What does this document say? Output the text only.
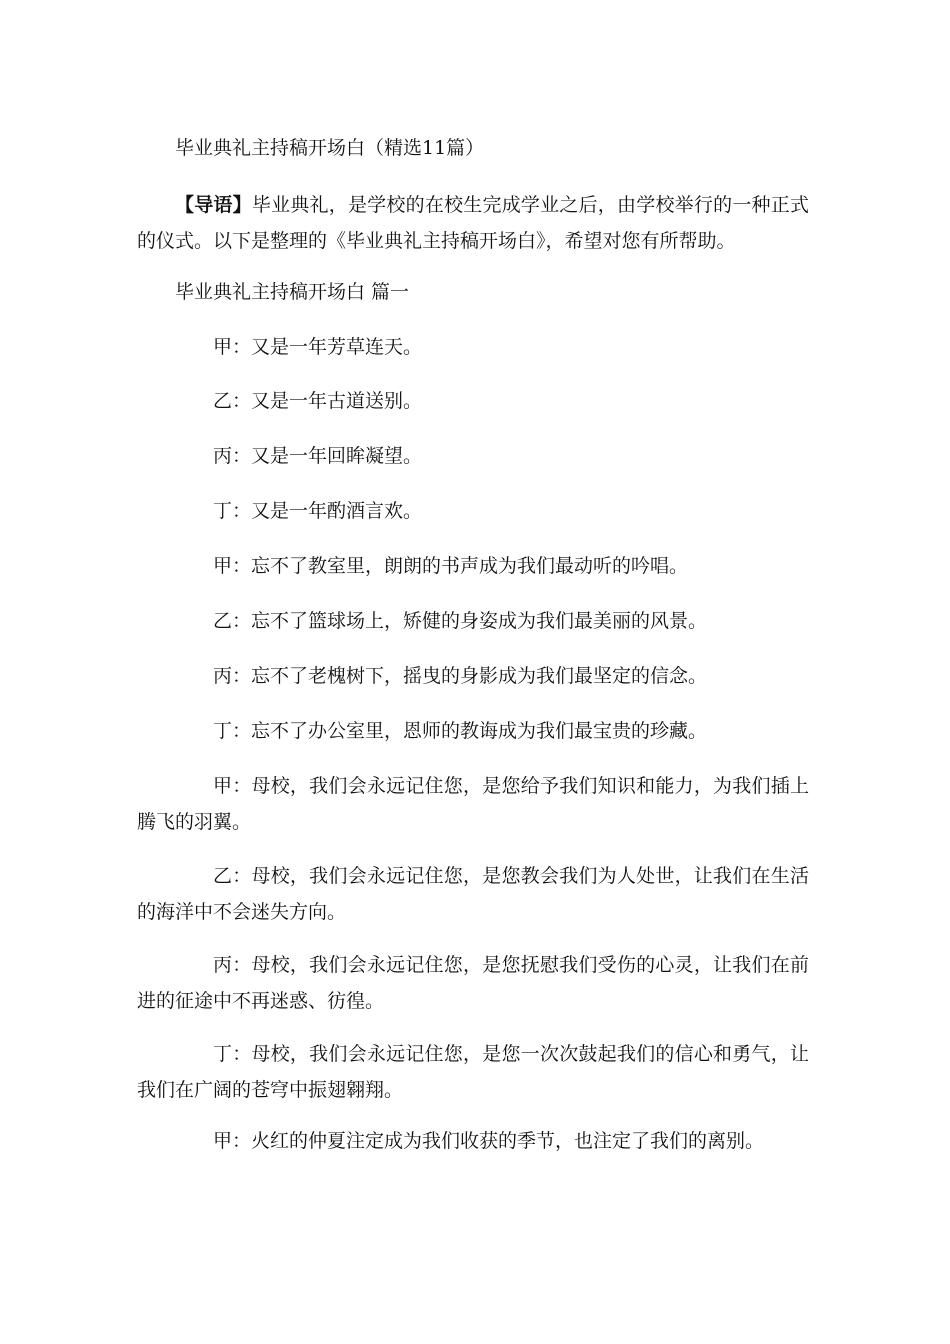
毕业典礼主持稿开场白（精选11篇）

【导语】毕业典礼，是学校的在校生完成学业之后，由学校举行的一种正式的仪式。以下是整理的《毕业典礼主持稿开场白》，希望对您有所帮助。

毕业典礼主持稿开场白 篇一

甲：又是一年芳草连天。

乙：又是一年古道送别。

丙：又是一年回眸凝望。

丁：又是一年酌酒言欢。

甲：忘不了教室里，朗朗的书声成为我们最动听的吟唱。

乙：忘不了篮球场上，矫健的身姿成为我们最美丽的风景。

丙：忘不了老槐树下，摇曳的身影成为我们最坚定的信念。

丁：忘不了办公室里，恩师的教诲成为我们最宝贵的珍藏。

甲：母校，我们会永远记住您，是您给予我们知识和能力，为我们插上腾飞的羽翼。

乙：母校，我们会永远记住您，是您教会我们为人处世，让我们在生活的海洋中不会迷失方向。

丙：母校，我们会永远记住您，是您抚慰我们受伤的心灵，让我们在前进的征途中不再迷惑、彷徨。

丁：母校，我们会永远记住您，是您一次次鼓起我们的信心和勇气，让我们在广阔的苍穹中振翅翱翔。

甲：火红的仲夏注定成为我们收获的季节，也注定了我们的离别。
